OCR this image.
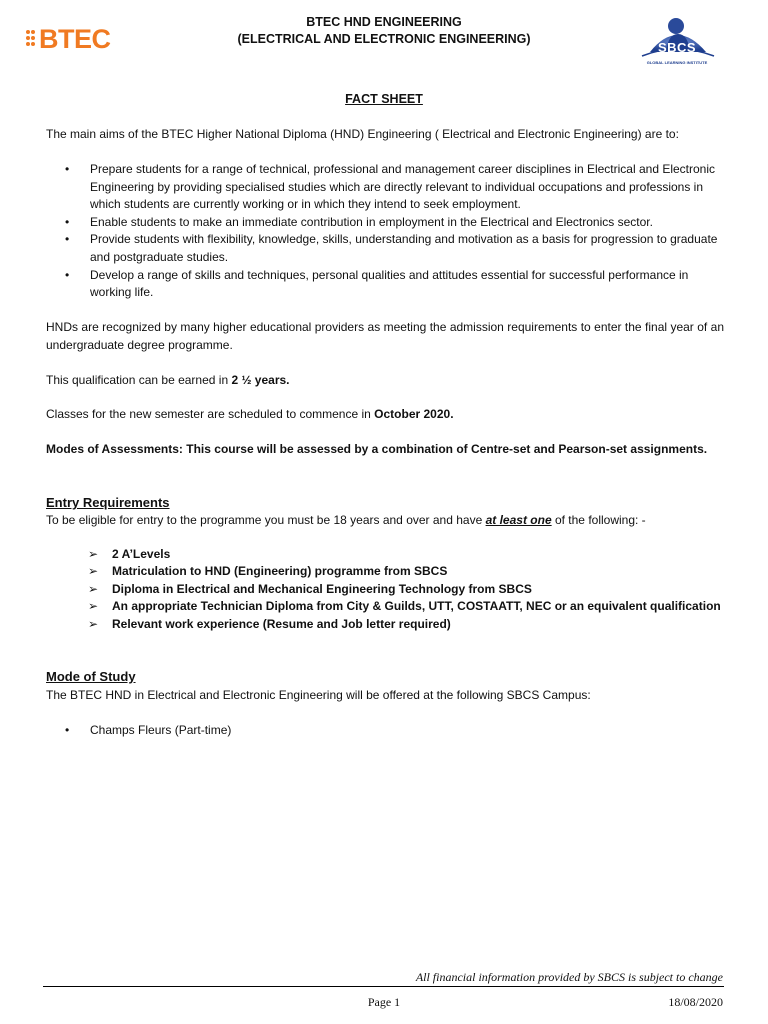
BTEC
BTEC HND ENGINEERING
(ELECTRICAL AND ELECTRONIC ENGINEERING)
SBCS
GLOBAL LEARNING INSTITUTE
FACT SHEET
The main aims of the BTEC Higher National Diploma (HND) Engineering ( Electrical and Electronic Engineering) are to:
• Prepare students for a range of technical, professional and management career disciplines in Electrical and Electronic Engineering by providing specialised studies which are directly relevant to individual occupations and professions in which students are currently working or in which they intend to seek employment.
• Enable students to make an immediate contribution in employment in the Electrical and Electronics sector.
• Provide students with flexibility, knowledge, skills, understanding and motivation as a basis for progression to graduate and postgraduate studies.
• Develop a range of skills and techniques, personal qualities and attitudes essential for successful performance in working life.
HNDs are recognized by many higher educational providers as meeting the admission requirements to enter the final year of an undergraduate degree programme.
This qualification can be earned in 2 ½ years.
Classes for the new semester are scheduled to commence in October 2020.
Modes of Assessments: This course will be assessed by a combination of Centre-set and Pearson-set assignments.
Entry Requirements
To be eligible for entry to the programme you must be 18 years and over and have at least one of the following: -
➢ 2 A’Levels
➢ Matriculation to HND (Engineering) programme from SBCS
➢ Diploma in Electrical and Mechanical Engineering Technology from SBCS
➢ An appropriate Technician Diploma from City & Guilds, UTT, COSTAATT, NEC or an equivalent qualification
➢ Relevant work experience (Resume and Job letter required)
Mode of Study
The BTEC HND in Electrical and Electronic Engineering will be offered at the following SBCS Campus:
• Champs Fleurs (Part-time)
All financial information provided by SBCS is subject to change
Page 1	18/08/2020
